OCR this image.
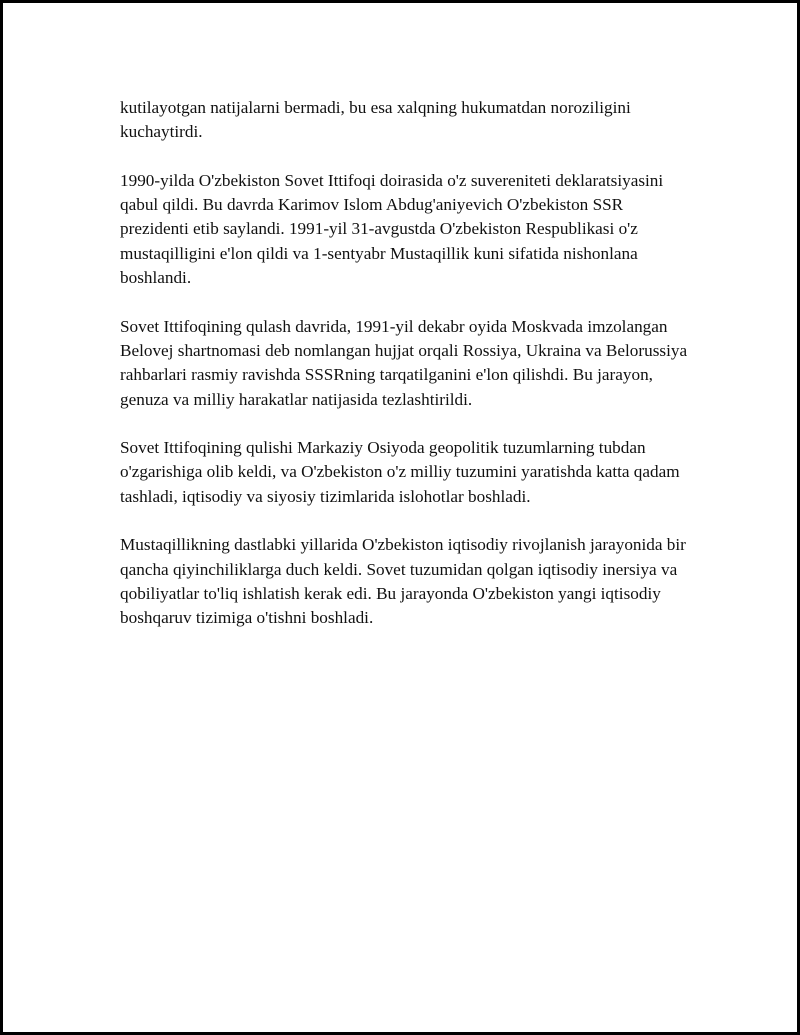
kutilayotgan natijalarni bermadi, bu esa xalqning hukumatdan noroziligini kuchaytirdi.

1990-yilda O'zbekiston Sovet Ittifoqi doirasida o'z suvereniteti deklaratsiyasini qabul qildi. Bu davrda Karimov Islom Abdug'aniyevich O'zbekiston SSR prezidenti etib saylandi. 1991-yil 31-avgustda O'zbekiston Respublikasi o'z mustaqilligini e'lon qildi va 1-sentyabr Mustaqillik kuni sifatida nishonlana boshlandi.

Sovet Ittifoqining qulash davrida, 1991-yil dekabr oyida Moskvada imzolangan Belovej shartnomasi deb nomlangan hujjat orqali Rossiya, Ukraina va Belorussiya rahbarlari rasmiy ravishda SSSRning tarqatilganini e'lon qilishdi. Bu jarayon, genuza va milliy harakatlar natijasida tezlashtirildi.

Sovet Ittifoqining qulishi Markaziy Osiyoda geopolitik tuzumlarning tubdan o'zgarishiga olib keldi, va O'zbekiston o'z milliy tuzumini yaratishda katta qadam tashladi, iqtisodiy va siyosiy tizimlarida islohotlar boshladi.

Mustaqillikning dastlabki yillarida O'zbekiston iqtisodiy rivojlanish jarayonida bir qancha qiyinchiliklarga duch keldi. Sovet tuzumidan qolgan iqtisodiy inersiya va qobiliyatlar to'liq ishlatish kerak edi. Bu jarayonda O'zbekiston yangi iqtisodiy boshqaruv tizimiga o'tishni boshladi.
